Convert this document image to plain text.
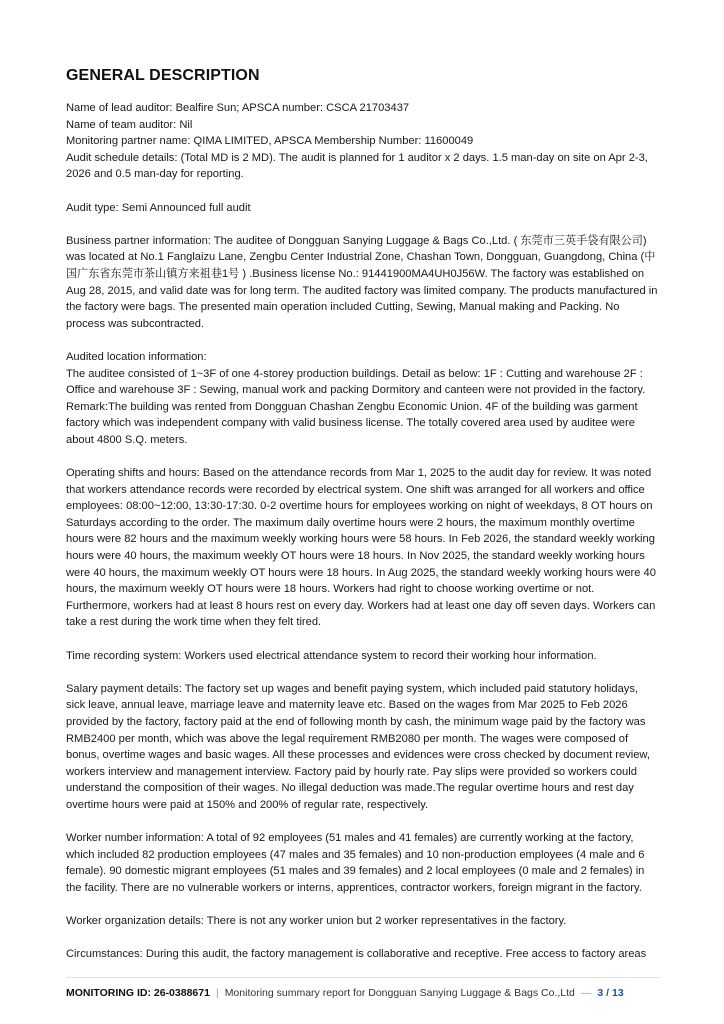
GENERAL DESCRIPTION

Name of lead auditor: Bealfire Sun; APSCA number: CSCA 21703437

Name of team auditor: Nil

Monitoring partner name: QIMA LIMITED, APSCA Membership Number: 11600049

Audit schedule details: (Total MD is 2 MD). The audit is planned for 1 auditor x 2 days. 1.5 man-day on site on Apr 2-3, 2026 and 0.5 man-day for reporting.

Audit type: Semi Announced full audit

Business partner information: The auditee of Dongguan Sanying Luggage & Bags Co.,Ltd. ( 东莞市三英手袋有限公司) was located at No.1 Fanglaizu Lane, Zengbu Center Industrial Zone, Chashan Town, Dongguan, Guangdong, China (中国广东省东莞市茶山镇方来祖巷1号 ) .Business license No.: 91441900MA4UH0J56W. The factory was established on Aug 28, 2015, and valid date was for long term. The audited factory was limited company. The products manufactured in the factory were bags. The presented main operation included Cutting, Sewing, Manual making and Packing. No process was subcontracted.

Audited location information:
The auditee consisted of 1~3F of one 4-storey production buildings. Detail as below: 1F : Cutting and warehouse 2F : Office and warehouse 3F : Sewing, manual work and packing Dormitory and canteen were not provided in the factory. Remark:The building was rented from Dongguan Chashan Zengbu Economic Union. 4F of the building was garment factory which was independent company with valid business license. The totally covered area used by auditee were about 4800 S.Q. meters.

Operating shifts and hours: Based on the attendance records from Mar 1, 2025 to the audit day for review. It was noted that workers attendance records were recorded by electrical system. One shift was arranged for all workers and office employees: 08:00~12:00, 13:30-17:30. 0-2 overtime hours for employees working on night of weekdays, 8 OT hours on Saturdays according to the order. The maximum daily overtime hours were 2 hours, the maximum monthly overtime hours were 82 hours and the maximum weekly working hours were 58 hours. In Feb 2026, the standard weekly working hours were 40 hours, the maximum weekly OT hours were 18 hours. In Nov 2025, the standard weekly working hours were 40 hours, the maximum weekly OT hours were 18 hours. In Aug 2025, the standard weekly working hours were 40 hours, the maximum weekly OT hours were 18 hours. Workers had right to choose working overtime or not. Furthermore, workers had at least 8 hours rest on every day. Workers had at least one day off seven days. Workers can take a rest during the work time when they felt tired.

Time recording system: Workers used electrical attendance system to record their working hour information.

Salary payment details: The factory set up wages and benefit paying system, which included paid statutory holidays, sick leave, annual leave, marriage leave and maternity leave etc. Based on the wages from Mar 2025 to Feb 2026 provided by the factory, factory paid at the end of following month by cash, the minimum wage paid by the factory was RMB2400 per month, which was above the legal requirement RMB2080 per month. The wages were composed of bonus, overtime wages and basic wages. All these processes and evidences were cross checked by document review, workers interview and management interview. Factory paid by hourly rate. Pay slips were provided so workers could understand the composition of their wages. No illegal deduction was made.The regular overtime hours and rest day overtime hours were paid at 150% and 200% of regular rate, respectively.

Worker number information: A total of 92 employees (51 males and 41 females) are currently working at the factory, which included 82 production employees (47 males and 35 females) and 10 non-production employees (4 male and 6 female). 90 domestic migrant employees (51 males and 39 females) and 2 local employees (0 male and 2 females) in the facility. There are no vulnerable workers or interns, apprentices, contractor workers, foreign migrant in the factory.

Worker organization details: There is not any worker union but 2 worker representatives in the factory.

Circumstances: During this audit, the factory management is collaborative and receptive. Free access to factory areas

MONITORING ID: 26-0388671 | Monitoring summary report for Dongguan Sanying Luggage & Bags Co.,Ltd — 3 / 13
